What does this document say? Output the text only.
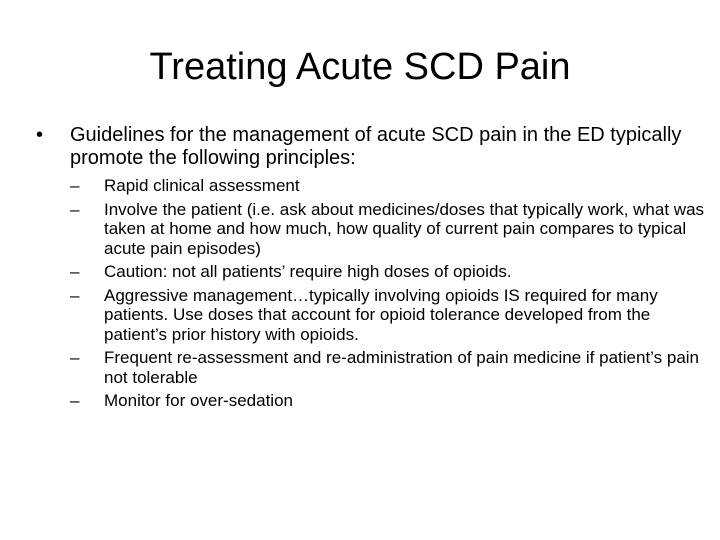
Treating Acute SCD Pain
•	Guidelines for the management of acute SCD pain in the ED typically promote the following principles:
–	Rapid clinical assessment
–	Involve the patient (i.e. ask about medicines/doses that typically work, what was taken at home and how much, how quality of current pain compares to typical acute pain episodes)
–	Caution: not all patients’ require high doses of opioids.
–	Aggressive management…typically involving opioids IS required for many patients. Use doses that account for opioid tolerance developed from the patient’s prior history with opioids.
–	Frequent re-assessment and re-administration of pain medicine if patient’s pain not tolerable
–	Monitor for over-sedation
